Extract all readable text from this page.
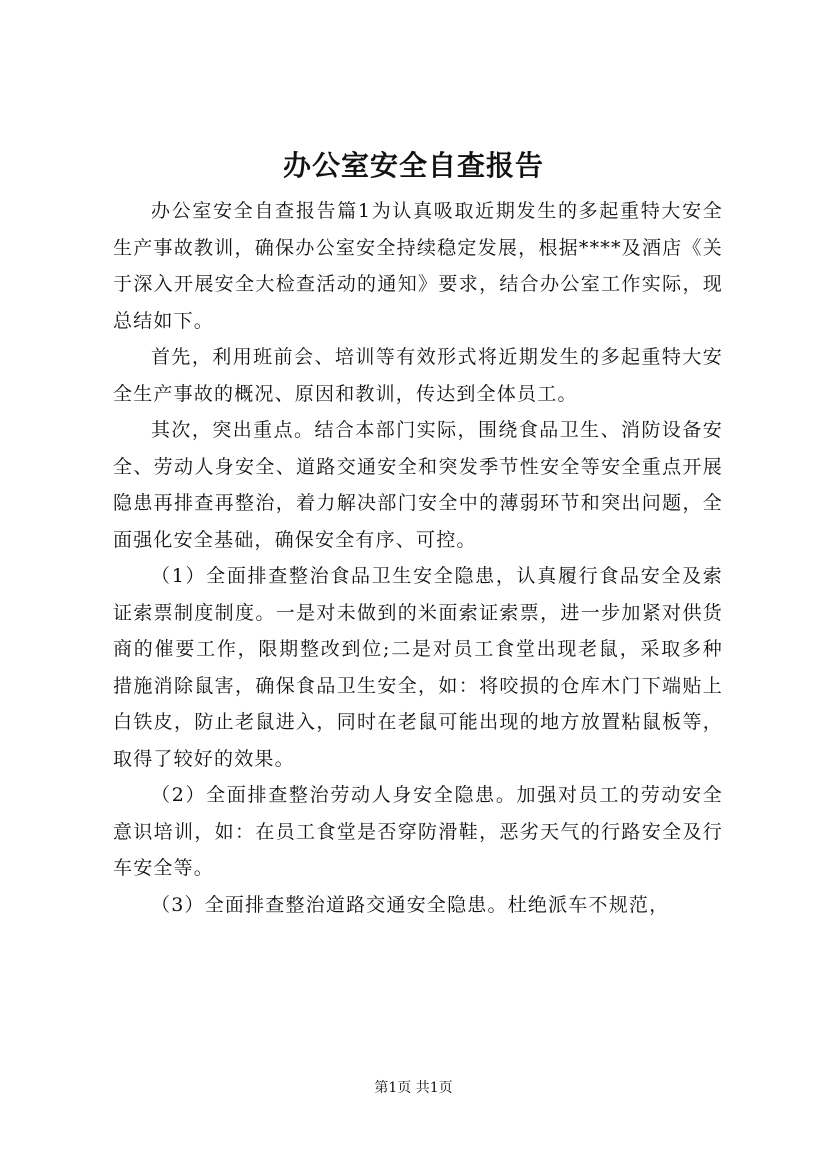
办公室安全自查报告

办公室安全自查报告篇1为认真吸取近期发生的多起重特大安全生产事故教训，确保办公室安全持续稳定发展，根据****及酒店《关于深入开展安全大检查活动的通知》要求，结合办公室工作实际，现总结如下。

首先，利用班前会、培训等有效形式将近期发生的多起重特大安全生产事故的概况、原因和教训，传达到全体员工。

其次，突出重点。结合本部门实际，围绕食品卫生、消防设备安全、劳动人身安全、道路交通安全和突发季节性安全等安全重点开展隐患再排查再整治，着力解决部门安全中的薄弱环节和突出问题，全面强化安全基础，确保安全有序、可控。

（1）全面排查整治食品卫生安全隐患，认真履行食品安全及索证索票制度制度。一是对未做到的米面索证索票，进一步加紧对供货商的催要工作，限期整改到位;二是对员工食堂出现老鼠，采取多种措施消除鼠害，确保食品卫生安全，如：将咬损的仓库木门下端贴上白铁皮，防止老鼠进入，同时在老鼠可能出现的地方放置粘鼠板等，取得了较好的效果。

（2）全面排查整治劳动人身安全隐患。加强对员工的劳动安全意识培训，如：在员工食堂是否穿防滑鞋，恶劣天气的行路安全及行车安全等。

（3）全面排查整治道路交通安全隐患。杜绝派车不规范，

第1页 共1页
